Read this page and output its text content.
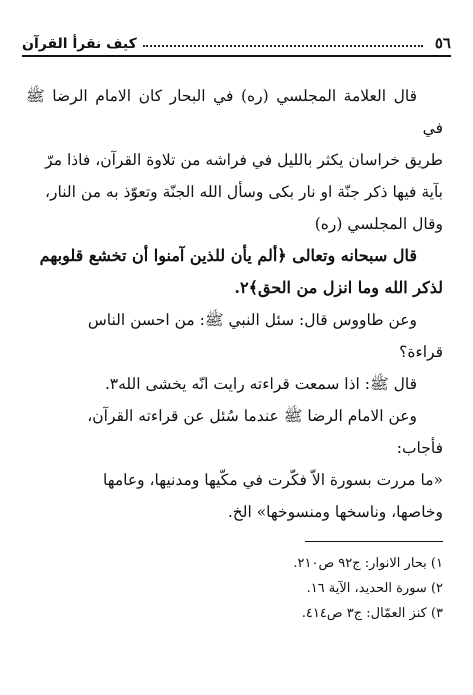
٥٦
كيف نقرأ القرآن

قال العلامة المجلسي (ره) في البحار كان الامام الرضا ﷺ في

طريق خراسان يكثر بالليل في فراشه من تلاوة القرآن، فاذا مرّ

بآية فيها ذكر جنّة او نار بكى وسأل الله الجنّة وتعوّذ به من النار،

وقال المجلسي (ره)

قال سبحانه وتعالى ﴿ألم يأن للذين آمنوا أن تخشع قلوبهم

لذكر الله وما انزل من الحق﴾٢.

وعن طاووس قال: سئل النبي ﷺ: من احسن الناس

قراءة؟

قال ﷺ: اذا سمعت قراءته رايت انّه يخشى الله٣.

وعن الامام الرضا ﷺ عندما سُئل عن قراءته القرآن،

فأجاب:

«ما مررت بسورة الاّ فكّرت في مكّيها ومدنيها، وعامها

وخاصها، وناسخها ومنسوخها» الخ.

١) بحار الانوار: ج٩٢ ص٢١٠.
٢) سورة الحديد، الآية ١٦.
٣) كنز العمّال: ج٣ ص٤١٤.
